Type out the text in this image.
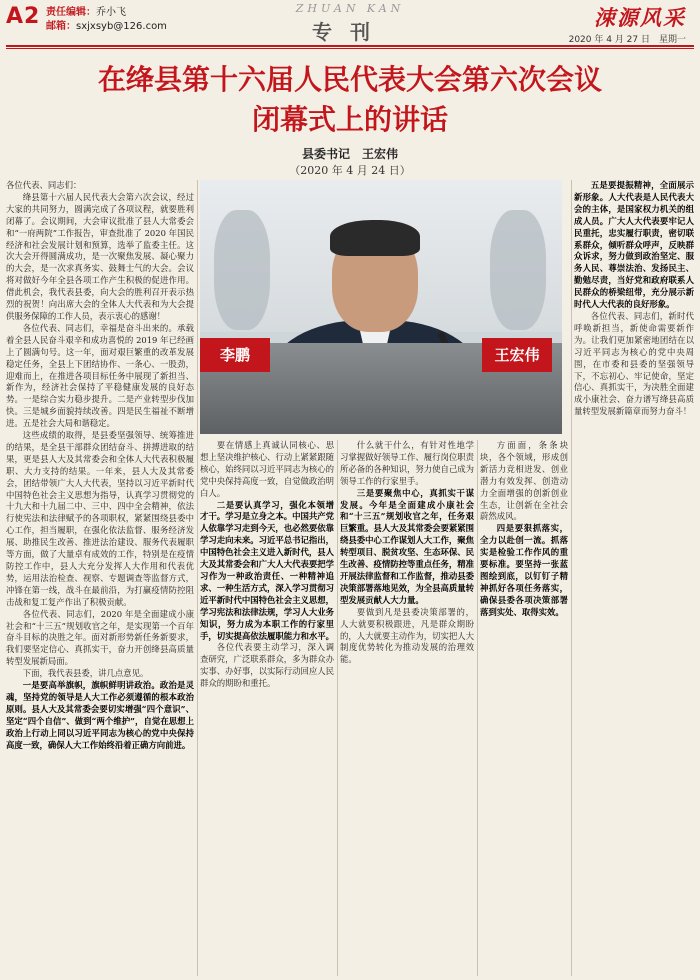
A2 责任编辑：乔小飞
邮箱：sxjxsyb@126.com
ZHUAN KAN
专刊
涑源风采
2020 年 4 月 27 日　星期一
在绛县第十六届人民代表大会第六次会议
闭幕式上的讲话
县委书记　王宏伟
（2020 年 4 月 24 日）
李鹏	王宏伟

各位代表、同志们：

绛县第十六届人民代表大会第六次会议，经过大家的共同努力，圆满完成了各项议程，就要胜利闭幕了。会议期间，大会审议批准了县人大常委会和“一府两院”工作报告，审查批准了 2020 年国民经济和社会发展计划和预算，选举了监委主任。这次大会开得圆满成功，是一次聚焦发展、凝心聚力的大会，是一次求真务实、鼓舞士气的大会。会议将对做好今年全县各项工作产生积极的促进作用。借此机会，我代表县委，向大会的胜利召开表示热烈的祝贺！向出席大会的全体人大代表和为大会提供服务保障的工作人员，表示衷心的感谢！

各位代表、同志们，幸福是奋斗出来的。承载着全县人民奋斗艰辛和成功喜悦的 2019 年已经画上了圆满句号。这一年，面对艰巨繁重的改革发展稳定任务，全县上下团结协作、一条心、一股劲，迎难而上，在推进各项目标任务中展现了新担当、新作为，经济社会保持了平稳健康发展的良好态势。一是综合实力稳步提升。二是产业转型步伐加快。三是城乡面貌持续改善。四是民生福祉不断增进。五是社会大局和谐稳定。

这些成绩的取得，是县委坚强领导、统筹推进的结果，是全县干部群众团结奋斗、拼搏进取的结果，更是县人大及其常委会和全体人大代表积极履职、大力支持的结果。一年来，县人大及其常委会，团结带领广大人大代表，坚持以习近平新时代中国特色社会主义思想为指导，认真学习贯彻党的十九大和十九届二中、三中、四中全会精神，依法行使宪法和法律赋予的各项职权，紧紧围绕县委中心工作，担当履职，在强化依法监督、服务经济发展、助推民生改善、推进法治建设、服务代表履职等方面，做了大量卓有成效的工作，特别是在疫情防控工作中，县人大充分发挥人大作用和代表优势，运用法治检查、视察、专题调查等监督方式，冲锋在第一线，战斗在最前沿，为打赢疫情防控阻击战和复工复产作出了积极贡献。

各位代表、同志们，2020 年是全面建成小康社会和“十三五”规划收官之年，是实现第一个百年奋斗目标的决胜之年。面对新形势新任务新要求，我们要坚定信心、真抓实干，奋力开创绛县高质量转型发展新局面。

下面，我代表县委，讲几点意见。

一是要高举旗帜，旗帜鲜明讲政治。政治是灵魂，坚持党的领导是人大工作必须遵循的根本政治原则。县人大及其常委会要切实增强“四个意识”、坚定“四个自信”、做到“两个维护”，自觉在思想上政治上行动上同以习近平同志为核心的党中央保持高度一致，确保人大工作始终沿着正确方向前进。

要在情感上真诚认同核心、思想上坚决维护核心、行动上紧紧跟随核心，始终同以习近平同志为核心的党中央保持高度一致，自觉做政治明白人。

二是要认真学习，强化本领增才干。学习是立身之本。中国共产党人依靠学习走到今天，也必然要依靠学习走向未来。习近平总书记指出，中国特色社会主义进入新时代，县人大及其常委会和广大人大代表要把学习作为一种政治责任、一种精神追求、一种生活方式，深入学习贯彻习近平新时代中国特色社会主义思想，学习宪法和法律法规，学习人大业务知识，努力成为本职工作的行家里手，切实提高依法履职能力和水平。

各位代表要主动学习，深入调查研究，广泛联系群众，多为群众办实事、办好事，以实际行动回应人民群众的期盼和重托。

什么就干什么，有针对性地学习掌握做好领导工作、履行岗位职责所必备的各种知识，努力使自己成为领导工作的行家里手。

三是要聚焦中心，真抓实干谋发展。今年是全面建成小康社会和“十三五”规划收官之年，任务艰巨繁重。县人大及其常委会要紧紧围绕县委中心工作谋划人大工作，聚焦转型项目、脱贫攻坚、生态环保、民生改善、疫情防控等重点任务，精准开展法律监督和工作监督，推动县委决策部署落地见效，为全县高质量转型发展贡献人大力量。

要做到凡是县委决策部署的，人大就要积极跟进，凡是群众期盼的，人大就要主动作为，切实把人大制度优势转化为推动发展的治理效能。

方面面，条条块块，各个领域，形成创新活力竞相迸发、创业潜力有效发挥、创造动力全面增强的创新创业生态，让创新在全社会蔚然成风。

四是要狠抓落实，全力以赴创一流。抓落实是检验工作作风的重要标准。要坚持一张蓝图绘到底，以钉钉子精神抓好各项任务落实，确保县委各项决策部署落到实处、取得实效。

五是要提振精神，全面展示新形象。人大代表是人民代表大会的主体，是国家权力机关的组成人员。广大人大代表要牢记人民重托，忠实履行职责，密切联系群众，倾听群众呼声，反映群众诉求，努力做到政治坚定、服务人民、尊崇法治、发扬民主、勤勉尽责，当好党和政府联系人民群众的桥梁纽带，充分展示新时代人大代表的良好形象。

各位代表、同志们，新时代呼唤新担当，新使命需要新作为。让我们更加紧密地团结在以习近平同志为核心的党中央周围，在市委和县委的坚强领导下，不忘初心、牢记使命，坚定信心、真抓实干，为决胜全面建成小康社会、奋力谱写绛县高质量转型发展新篇章而努力奋斗！
